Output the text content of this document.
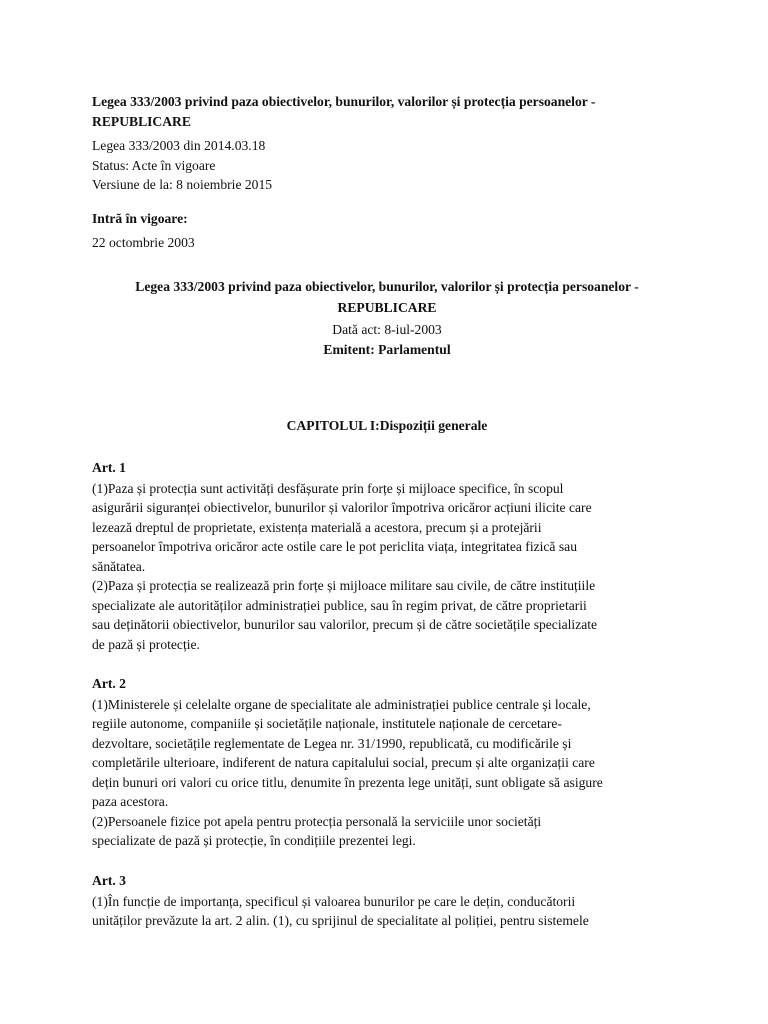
Legea 333/2003 privind paza obiectivelor, bunurilor, valorilor și protecția persoanelor -
REPUBLICARE
Legea 333/2003 din 2014.03.18
Status: Acte în vigoare
Versiune de la: 8 noiembrie 2015
Intră în vigoare:
22 octombrie 2003
Legea 333/2003 privind paza obiectivelor, bunurilor, valorilor și protecția persoanelor -
REPUBLICARE
Dată act: 8-iul-2003
Emitent: Parlamentul
CAPITOLUL I:Dispoziții generale
Art. 1
(1)Paza și protecția sunt activități desfășurate prin forțe și mijloace specifice, în scopul
asigurării siguranței obiectivelor, bunurilor și valorilor împotriva oricăror acțiuni ilicite care
lezează dreptul de proprietate, existența materială a acestora, precum și a protejării
persoanelor împotriva oricăror acte ostile care le pot periclita viața, integritatea fizică sau
sănătatea.
(2)Paza și protecția se realizează prin forțe și mijloace militare sau civile, de către instituțiile
specializate ale autorităților administrației publice, sau în regim privat, de către proprietarii
sau deținătorii obiectivelor, bunurilor sau valorilor, precum și de către societățile specializate
de pază și protecție.
Art. 2
(1)Ministerele și celelalte organe de specialitate ale administrației publice centrale și locale,
regiile autonome, companiile și societățile naționale, institutele naționale de cercetare-
dezvoltare, societățile reglementate de Legea nr. 31/1990, republicată, cu modificările și
completările ulterioare, indiferent de natura capitalului social, precum și alte organizații care
dețin bunuri ori valori cu orice titlu, denumite în prezenta lege unități, sunt obligate să asigure
paza acestora.
(2)Persoanele fizice pot apela pentru protecția personală la serviciile unor societăți
specializate de pază și protecție, în condițiile prezentei legi.
Art. 3
(1)În funcție de importanța, specificul și valoarea bunurilor pe care le dețin, conducătorii
unităților prevăzute la art. 2 alin. (1), cu sprijinul de specialitate al poliției, pentru sistemele
